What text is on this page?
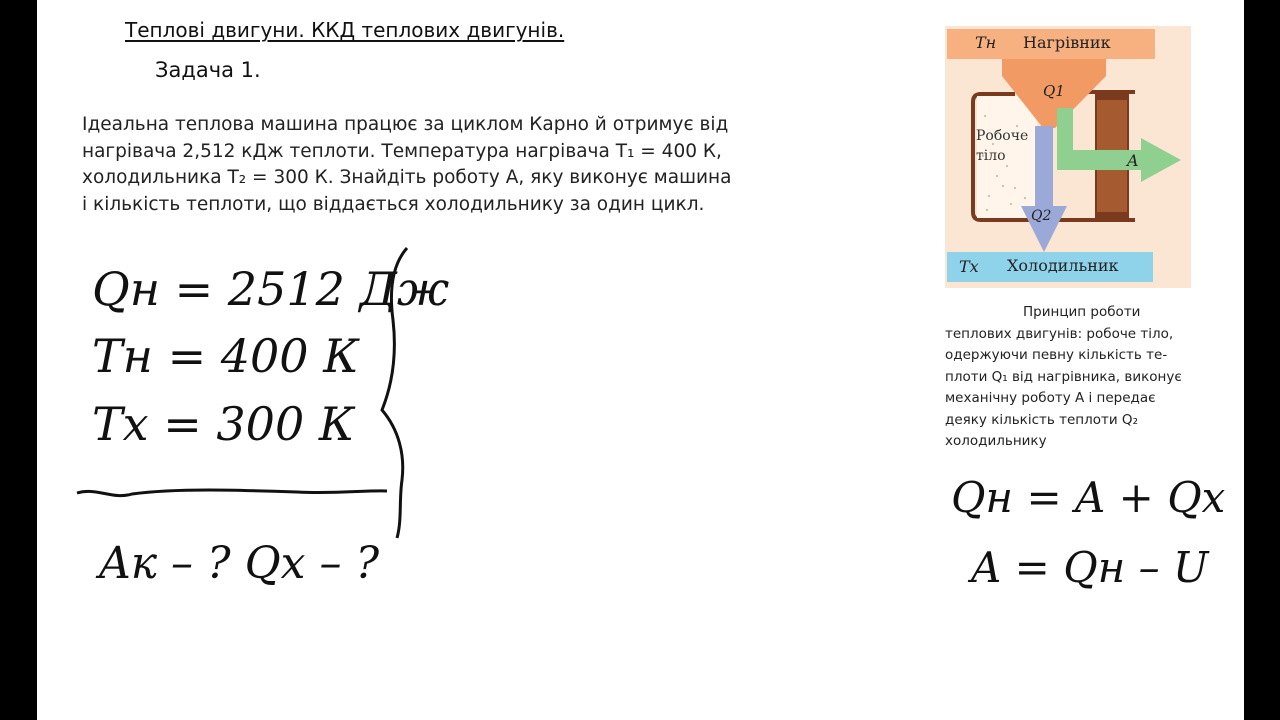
Теплові двигуни. ККД теплових двигунів.
Задача 1.
Ідеальна теплова машина працює за циклом Карно й отримує від
нагрівача 2,512 кДж теплоти. Температура нагрівача T₁ = 400 К,
холодильника T₂ = 300 К. Знайдіть роботу A, яку виконує машина
і кількість теплоти, що віддається холодильнику за один цикл.
Qн = 2512 Дж
Tн = 400 К
Tх = 300 К
Aк – ? Qх – ?
Qн = A + Qх
A = Qн – U
Tн Нагрівник
Q1
A
Q2
Робоче
тіло
Tх Холодильник
Принцип роботи
теплових двигунів: робоче тіло,
одержуючи певну кількість те-
плоти Q₁ від нагрівника, виконує
механічну роботу A і передає
деяку кількість теплоти Q₂
холодильнику
